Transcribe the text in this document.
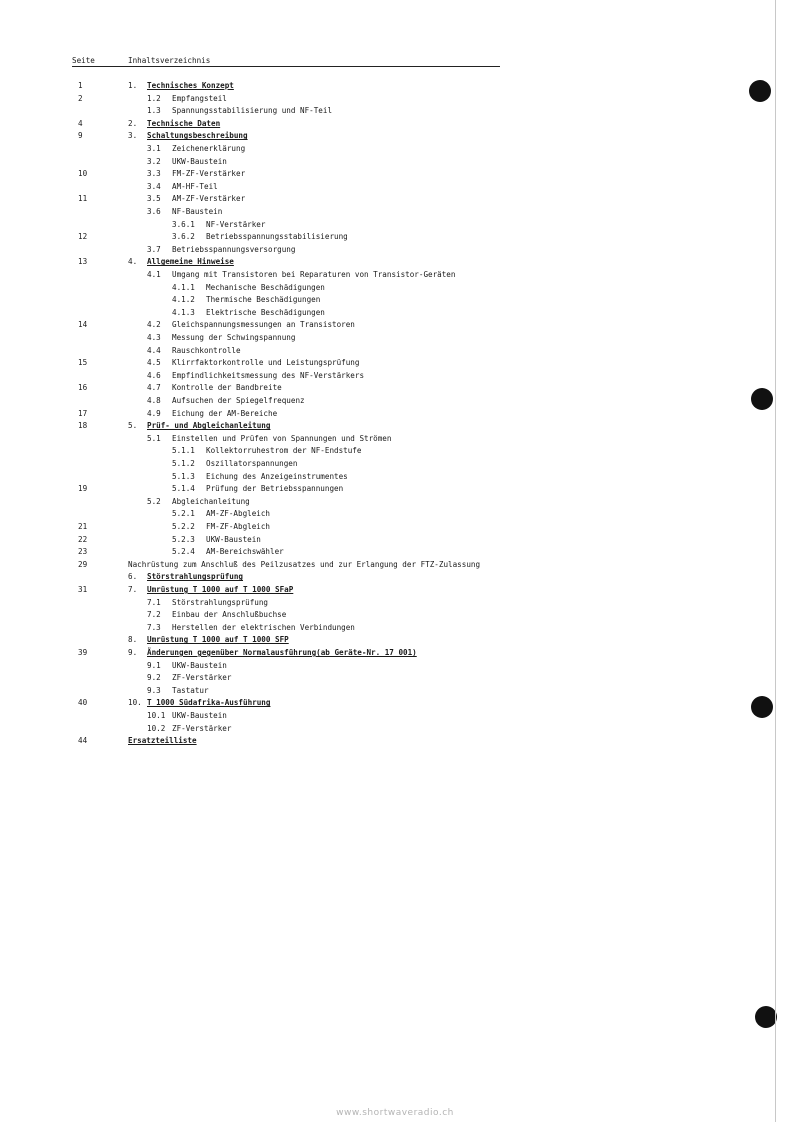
Seite	Inhaltsverzeichnis
1	1. Technisches Konzept
2	1.2 Empfangsteil
1.3 Spannungsstabilisierung und NF-Teil
4	2. Technische Daten
9	3. Schaltungsbeschreibung
3.1 Zeichenerklärung
3.2 UKW-Baustein
10	3.3 FM-ZF-Verstärker
3.4 AM-HF-Teil
11	3.5 AM-ZF-Verstärker
3.6 NF-Baustein
3.6.1 NF-Verstärker
12	3.6.2 Betriebsspannungsstabilisierung
3.7 Betriebsspannungsversorgung
13	4. Allgemeine Hinweise
4.1 Umgang mit Transistoren bei Reparaturen von Transistor-Geräten
4.1.1 Mechanische Beschädigungen
4.1.2 Thermische Beschädigungen
4.1.3 Elektrische Beschädigungen
14	4.2 Gleichspannungsmessungen an Transistoren
4.3 Messung der Schwingspannung
4.4 Rauschkontrolle
15	4.5 Klirrfaktorkontrolle und Leistungsprüfung
4.6 Empfindlichkeitsmessung des NF-Verstärkers
16	4.7 Kontrolle der Bandbreite
4.8 Aufsuchen der Spiegelfrequenz
17	4.9 Eichung der AM-Bereiche
18	5. Prüf- und Abgleichanleitung
5.1 Einstellen und Prüfen von Spannungen und Strömen
5.1.1 Kollektorruhestrom der NF-Endstufe
5.1.2 Oszillatorspannungen
5.1.3 Eichung des Anzeigeinstrumentes
19	5.1.4 Prüfung der Betriebsspannungen
5.2 Abgleichanleitung
5.2.1 AM-ZF-Abgleich
21	5.2.2 FM-ZF-Abgleich
22	5.2.3 UKW-Baustein
23	5.2.4 AM-Bereichswähler
29	Nachrüstung zum Anschluß des Peilzusatzes und zur Erlangung der FTZ-Zulassung
6. Störstrahlungsprüfung
31	7. Umrüstung T 1000 auf T 1000 SFaP
7.1 Störstrahlungsprüfung
7.2 Einbau der Anschlußbuchse
7.3 Herstellen der elektrischen Verbindungen
8. Umrüstung T 1000 auf T 1000 SFP
39	9. Änderungen gegenüber Normalausführung(ab Geräte-Nr. 17 001)
9.1 UKW-Baustein
9.2 ZF-Verstärker
9.3 Tastatur
40	10. T 1000 Südafrika-Ausführung
10.1 UKW-Baustein
10.2 ZF-Verstärker
44	Ersatzteilliste
www.shortwaveradio.ch
